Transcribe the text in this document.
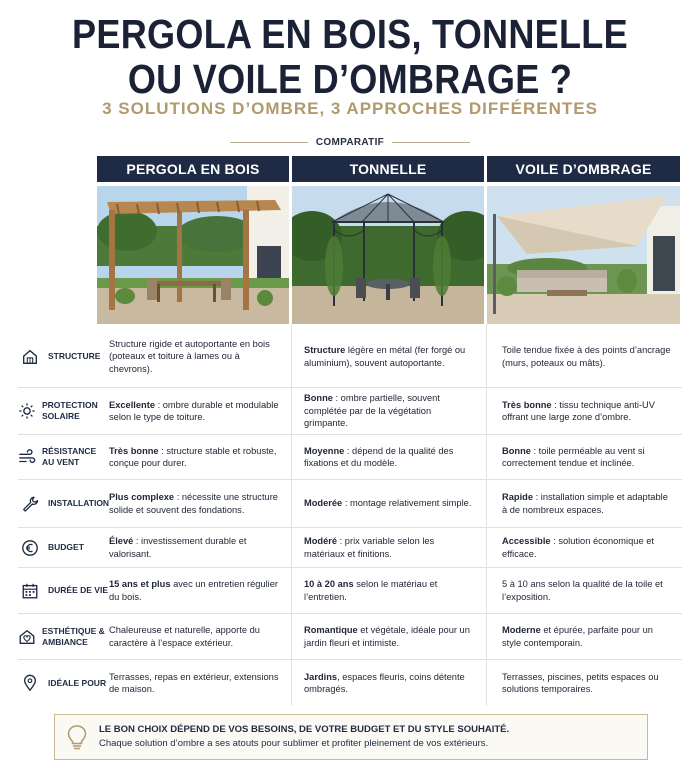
PERGOLA EN BOIS, TONNELLE
OU VOILE D’OMBRAGE ?
3 SOLUTIONS D’OMBRE, 3 APPROCHES DIFFÉRENTES
COMPARATIF
PERGOLA EN BOIS	TONNELLE	VOILE D’OMBRAGE
STRUCTURE
Structure rigide et autoportante en bois (poteaux et toiture à lames ou à chevrons).
Structure légère en métal (fer forgé ou aluminium), souvent autoportante.
Toile tendue fixée à des points d’ancrage (murs, poteaux ou mâts).
PROTECTION SOLAIRE
Excellente : ombre durable et modulable selon le type de toiture.
Bonne : ombre partielle, souvent complétée par de la végétation grimpante.
Très bonne : tissu technique anti-UV offrant une large zone d’ombre.
RÉSISTANCE AU VENT
Très bonne : structure stable et robuste, conçue pour durer.
Moyenne : dépend de la qualité des fixations et du modèle.
Bonne : toile perméable au vent si correctement tendue et inclinée.
INSTALLATION
Plus complexe : nécessite une structure solide et souvent des fondations.
Moderée : montage relativement simple.
Rapide : installation simple et adaptable à de nombreux espaces.
BUDGET
Élevé : investissement durable et valorisant.
Modéré : prix variable selon les matériaux et finitions.
Accessible : solution économique et efficace.
DURÉE DE VIE
15 ans et plus avec un entretien régulier du bois.
10 à 20 ans selon le matériau et l’entretien.
5 à 10 ans selon la qualité de la toile et l’exposition.
ESTHÉTIQUE & AMBIANCE
Chaleureuse et naturelle, apporte du caractère à l’espace extérieur.
Romantique et végétale, idéale pour un jardin fleuri et intimiste.
Moderne et épurée, parfaite pour un style contemporain.
IDÉALE POUR
Terrasses, repas en extérieur, extensions de maison.
Jardins, espaces fleuris, coins détente ombragés.
Terrasses, piscines, petits espaces ou solutions temporaires.
LE BON CHOIX DÉPEND DE VOS BESOINS, DE VOTRE BUDGET ET DU STYLE SOUHAITÉ.
Chaque solution d’ombre a ses atouts pour sublimer et profiter pleinement de vos extérieurs.
